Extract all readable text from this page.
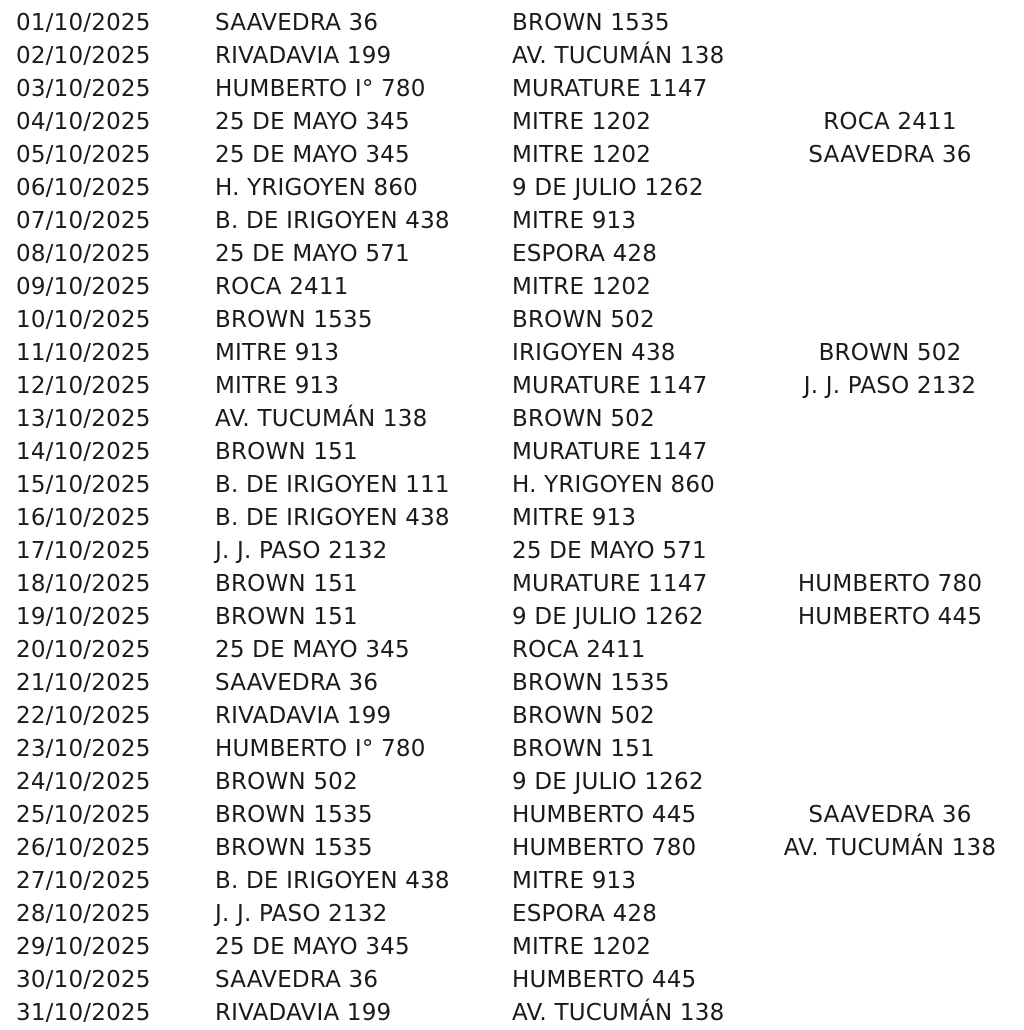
01/10/2025	SAAVEDRA 36	BROWN 1535
02/10/2025	RIVADAVIA 199	AV. TUCUMÁN 138
03/10/2025	HUMBERTO I° 780	MURATURE 1147
04/10/2025	25 DE MAYO 345	MITRE 1202	ROCA 2411
05/10/2025	25 DE MAYO 345	MITRE 1202	SAAVEDRA 36
06/10/2025	H. YRIGOYEN 860	9 DE JULIO 1262
07/10/2025	B. DE IRIGOYEN 438	MITRE 913
08/10/2025	25 DE MAYO 571	ESPORA 428
09/10/2025	ROCA 2411	MITRE 1202
10/10/2025	BROWN 1535	BROWN 502
11/10/2025	MITRE 913	IRIGOYEN 438	BROWN 502
12/10/2025	MITRE 913	MURATURE 1147	J. J. PASO 2132
13/10/2025	AV. TUCUMÁN 138	BROWN 502
14/10/2025	BROWN 151	MURATURE 1147
15/10/2025	B. DE IRIGOYEN 111	H. YRIGOYEN 860
16/10/2025	B. DE IRIGOYEN 438	MITRE 913
17/10/2025	J. J. PASO 2132	25 DE MAYO 571
18/10/2025	BROWN 151	MURATURE 1147	HUMBERTO 780
19/10/2025	BROWN 151	9 DE JULIO 1262	HUMBERTO 445
20/10/2025	25 DE MAYO 345	ROCA 2411
21/10/2025	SAAVEDRA 36	BROWN 1535
22/10/2025	RIVADAVIA 199	BROWN 502
23/10/2025	HUMBERTO I° 780	BROWN 151
24/10/2025	BROWN 502	9 DE JULIO 1262
25/10/2025	BROWN 1535	HUMBERTO 445	SAAVEDRA 36
26/10/2025	BROWN 1535	HUMBERTO 780	AV. TUCUMÁN 138
27/10/2025	B. DE IRIGOYEN 438	MITRE 913
28/10/2025	J. J. PASO 2132	ESPORA 428
29/10/2025	25 DE MAYO 345	MITRE 1202
30/10/2025	SAAVEDRA 36	HUMBERTO 445
31/10/2025	RIVADAVIA 199	AV. TUCUMÁN 138
